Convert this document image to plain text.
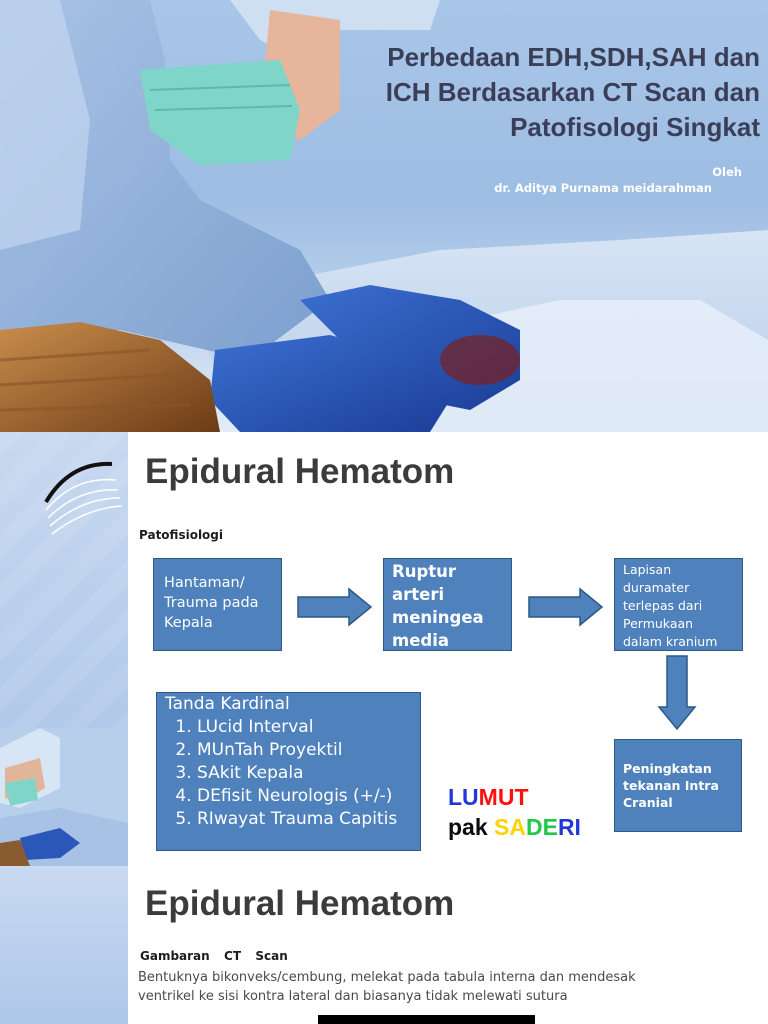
Perbedaan EDH,SDH,SAH dan

ICH Berdasarkan CT Scan dan

Patofisologi Singkat

Oleh
dr. Aditya Purnama meidarahman
Epidural Hematom
Patofisiologi
Hantaman/ Trauma pada Kepala
Ruptur arteri meningea media
Lapisan duramater terlepas dari Permukaan dalam kranium
Peningkatan tekanan Intra Cranial
Tanda Kardinal
1. LUcid Interval
2. MUnTah Proyektil
3. SAkit Kepala
4. DEfisit Neurologis (+/-)
5. RIwayat Trauma Capitis
LUMUT
pak SADERI
Epidural Hematom
Gambaran  CT  Scan
Bentuknya bikonveks/cembung, melekat pada tabula interna dan mendesak ventrikel ke sisi kontra lateral dan biasanya tidak melewati sutura
